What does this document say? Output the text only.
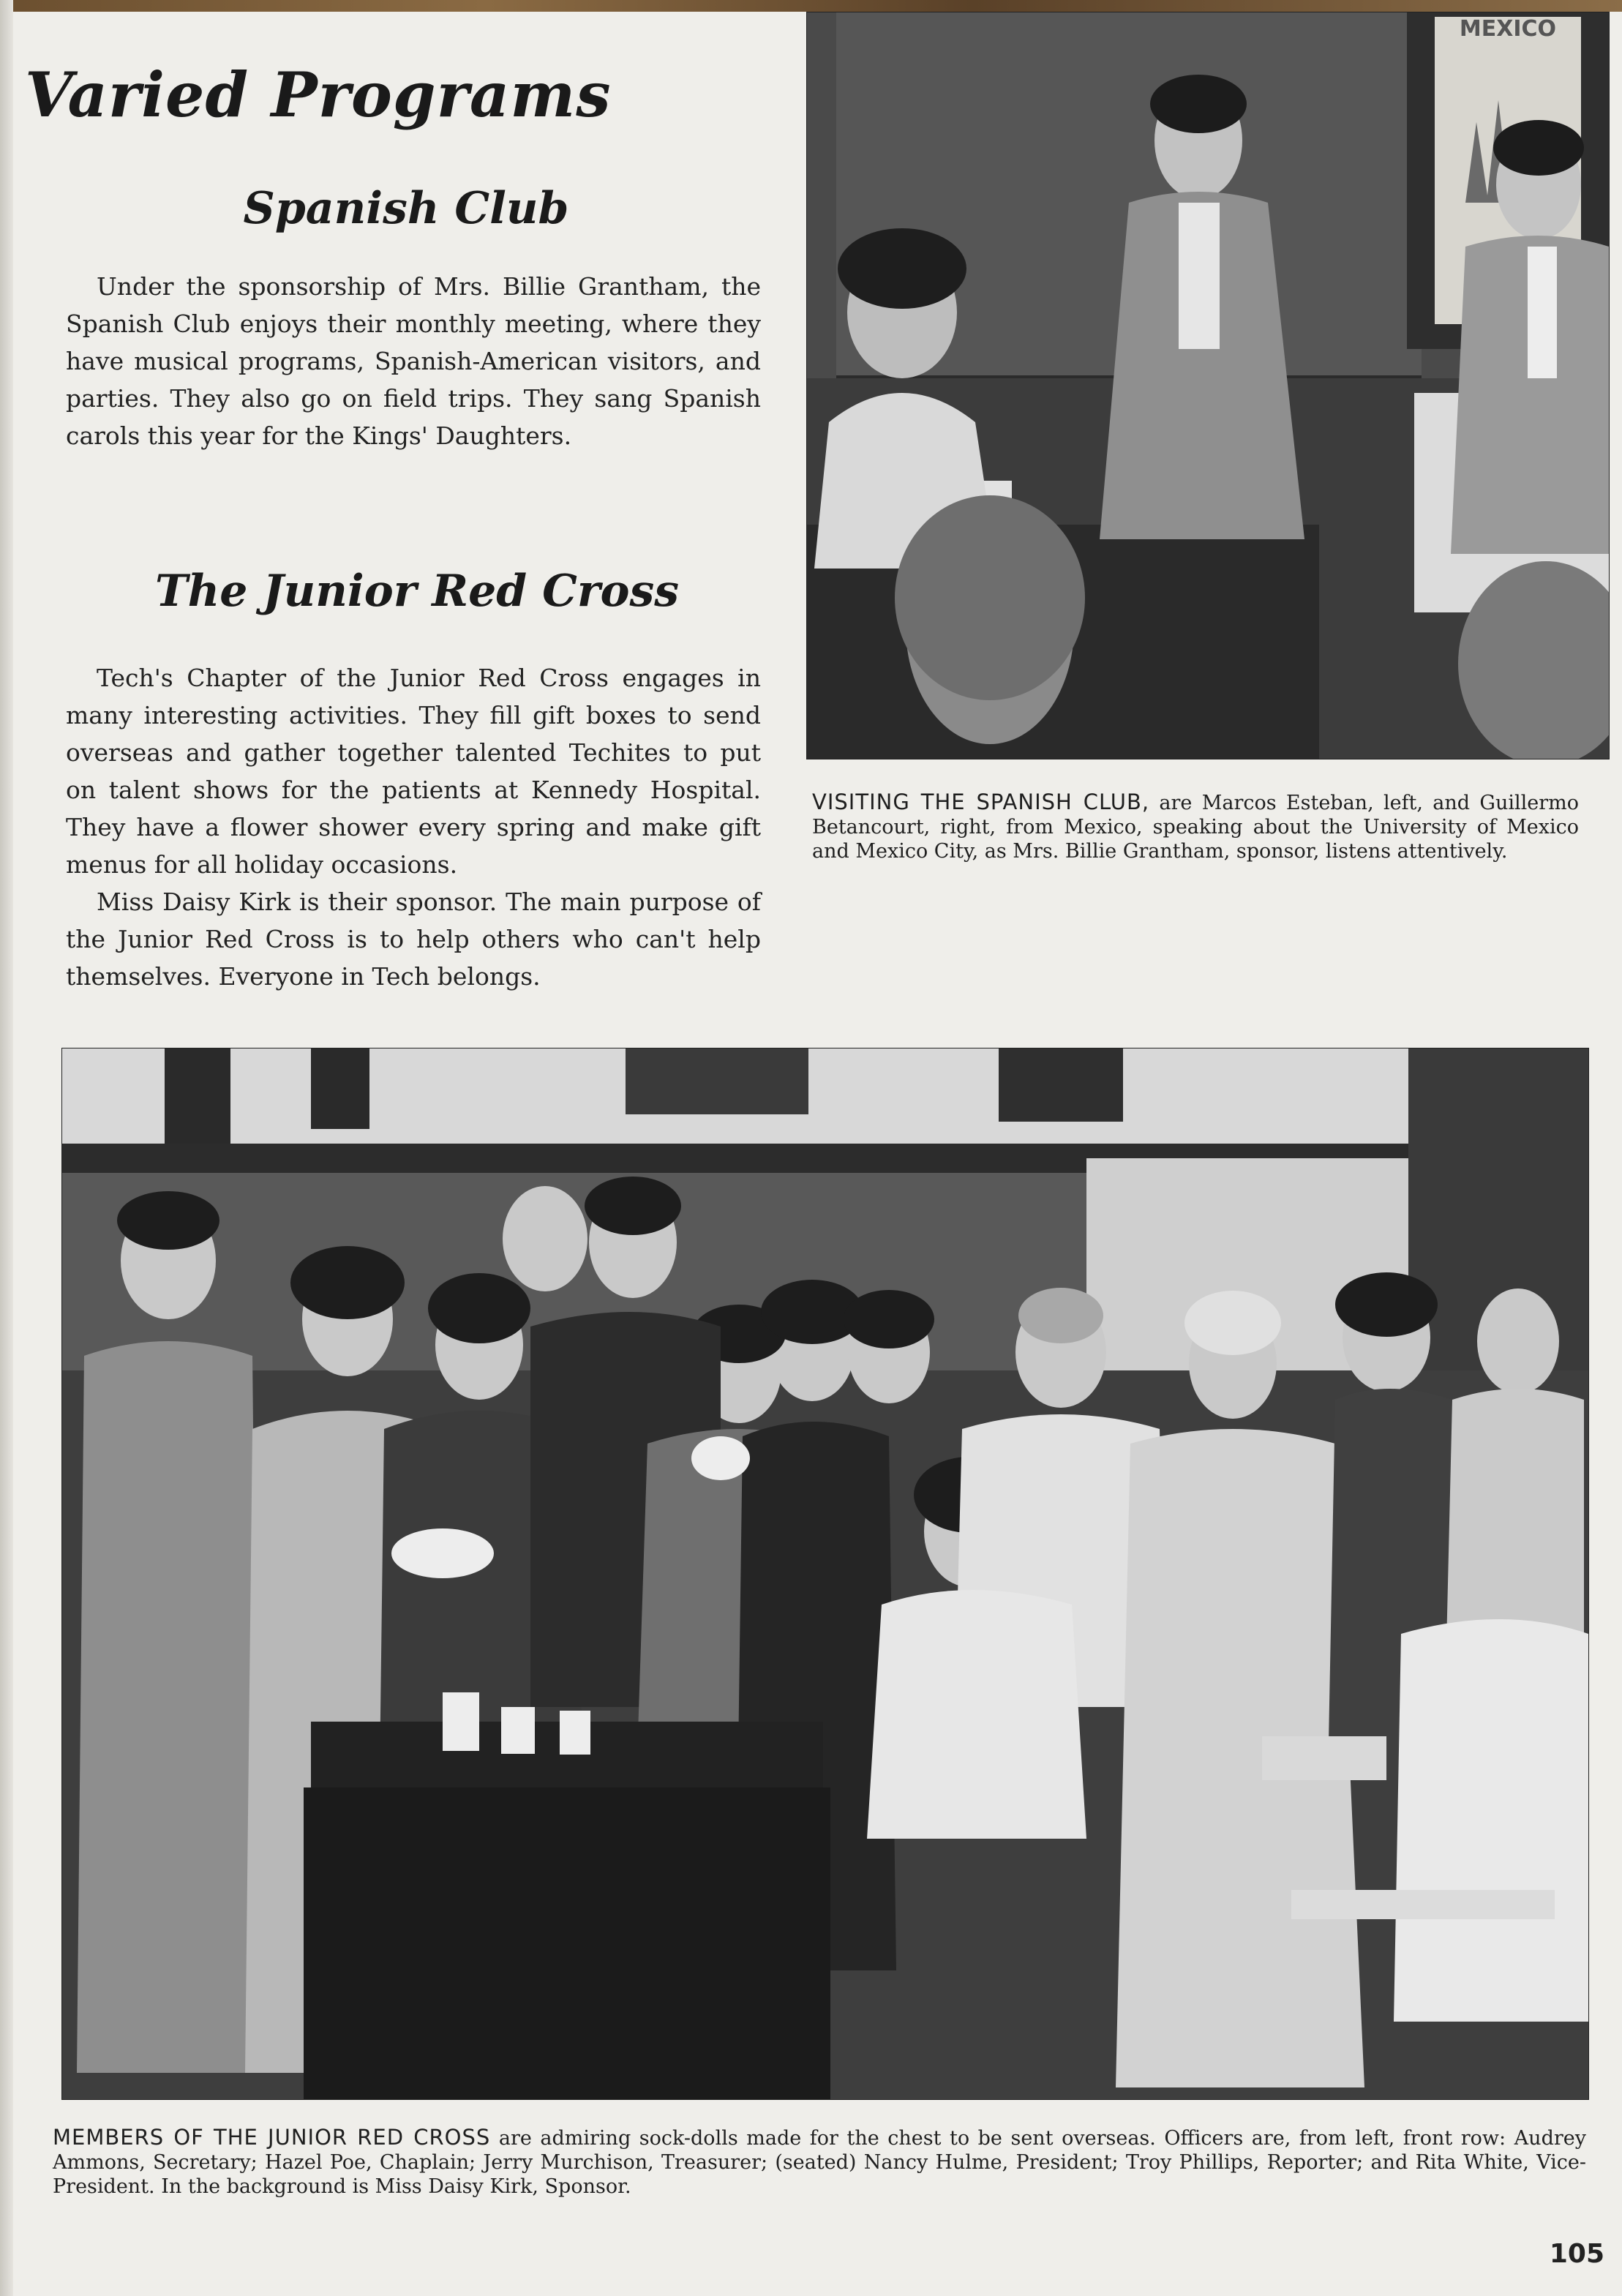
Varied Programs
Spanish Club

Under the sponsorship of Mrs. Billie Grantham, the Spanish Club enjoys their monthly meeting, where they have musical programs, Spanish-American visitors, and parties. They also go on field trips. They sang Spanish carols this year for the Kings' Daughters.

The Junior Red Cross

Tech's Chapter of the Junior Red Cross engages in many interesting activities. They fill gift boxes to send overseas and gather together talented Techites to put on talent shows for the patients at Kennedy Hospital. They have a flower shower every spring and make gift menus for all holiday occasions.

Miss Daisy Kirk is their sponsor. The main purpose of the Junior Red Cross is to help others who can't help themselves. Everyone in Tech belongs.

MEXICO

VISITING THE SPANISH CLUB, are Marcos Esteban, left, and Guillermo Betancourt, right, from Mexico, speaking about the University of Mexico and Mexico City, as Mrs. Billie Grantham, sponsor, listens attentively.

MEMBERS OF THE JUNIOR RED CROSS are admiring sock-dolls made for the chest to be sent overseas. Officers are, from left, front row: Audrey Ammons, Secretary; Hazel Poe, Chaplain; Jerry Murchison, Treasurer; (seated) Nancy Hulme, President; Troy Phillips, Reporter; and Rita White, Vice-President. In the background is Miss Daisy Kirk, Sponsor.

105
